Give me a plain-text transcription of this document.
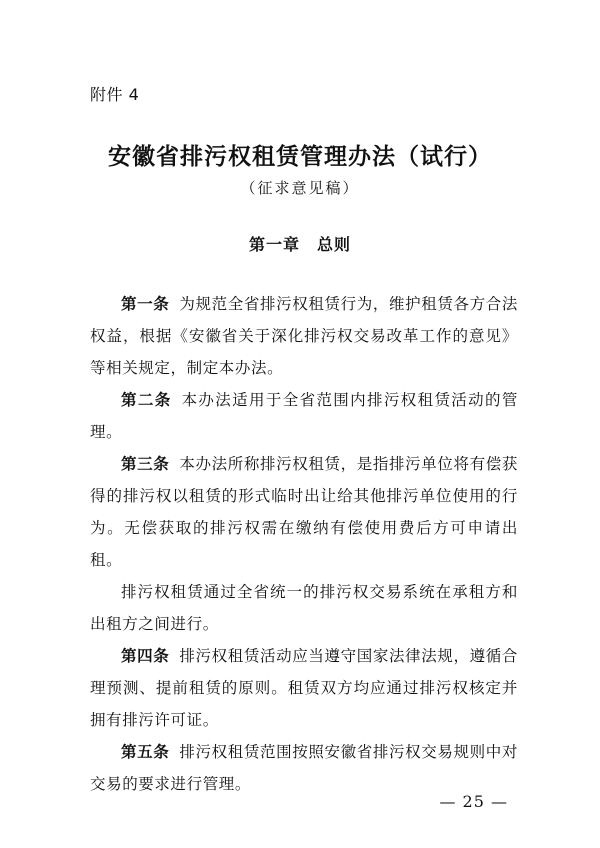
附件 4
安徽省排污权租赁管理办法（试行）
（征求意见稿）
第一章　总则

第一条 为规范全省排污权租赁行为，维护租赁各方合法权益，根据《安徽省关于深化排污权交易改革工作的意见》等相关规定，制定本办法。

第二条 本办法适用于全省范围内排污权租赁活动的管理。

第三条 本办法所称排污权租赁，是指排污单位将有偿获得的排污权以租赁的形式临时出让给其他排污单位使用的行为。无偿获取的排污权需在缴纳有偿使用费后方可申请出租。

排污权租赁通过全省统一的排污权交易系统在承租方和出租方之间进行。

第四条 排污权租赁活动应当遵守国家法律法规，遵循合理预测、提前租赁的原则。租赁双方均应通过排污权核定并拥有排污许可证。

第五条 排污权租赁范围按照安徽省排污权交易规则中对交易的要求进行管理。

— 25 —
